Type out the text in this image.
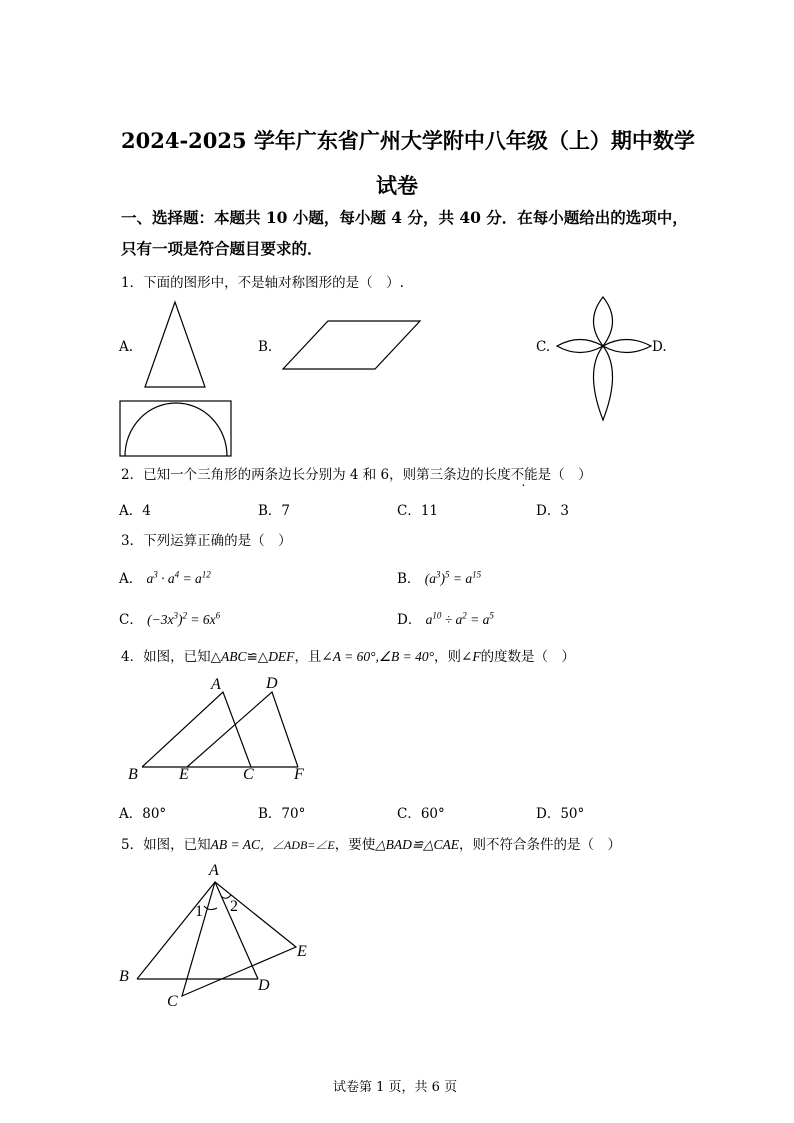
2024-2025 学年广东省广州大学附中八年级（上）期中数学
试卷
一、选择题：本题共 10 小题，每小题 4 分，共 40 分．在每小题给出的选项中，
只有一项是符合题目要求的．
1．下面的图形中，不是轴对称图形的是（　）.
A.	B.	C.	D.
2．已知一个三角形的两条边长分别为 4 和 6，则第三条边的长度不能是（　）
A．4	B．7	C．11	D．3
3．下列运算正确的是（　）
A． $a^3 \cdot a^4 = a^{12}$	B． $(a^3)^5 = a^{15}$
C． $(-3x^3)^2 = 6x^6$	D． $a^{10} \div a^2 = a^5$
4．如图，已知△ABC≌△DEF，且∠A = 60°,∠B = 40°，则∠F的度数是（　）
A	D
B	E	C	F
A．80°	B．70°	C．60°	D．50°
5．如图，已知AB = AC，∠ADB=∠E，要使△BAD≌△CAE，则不符合条件的是（　）
A
1 2
E
B
D
C
试卷第 1 页，共 6 页
